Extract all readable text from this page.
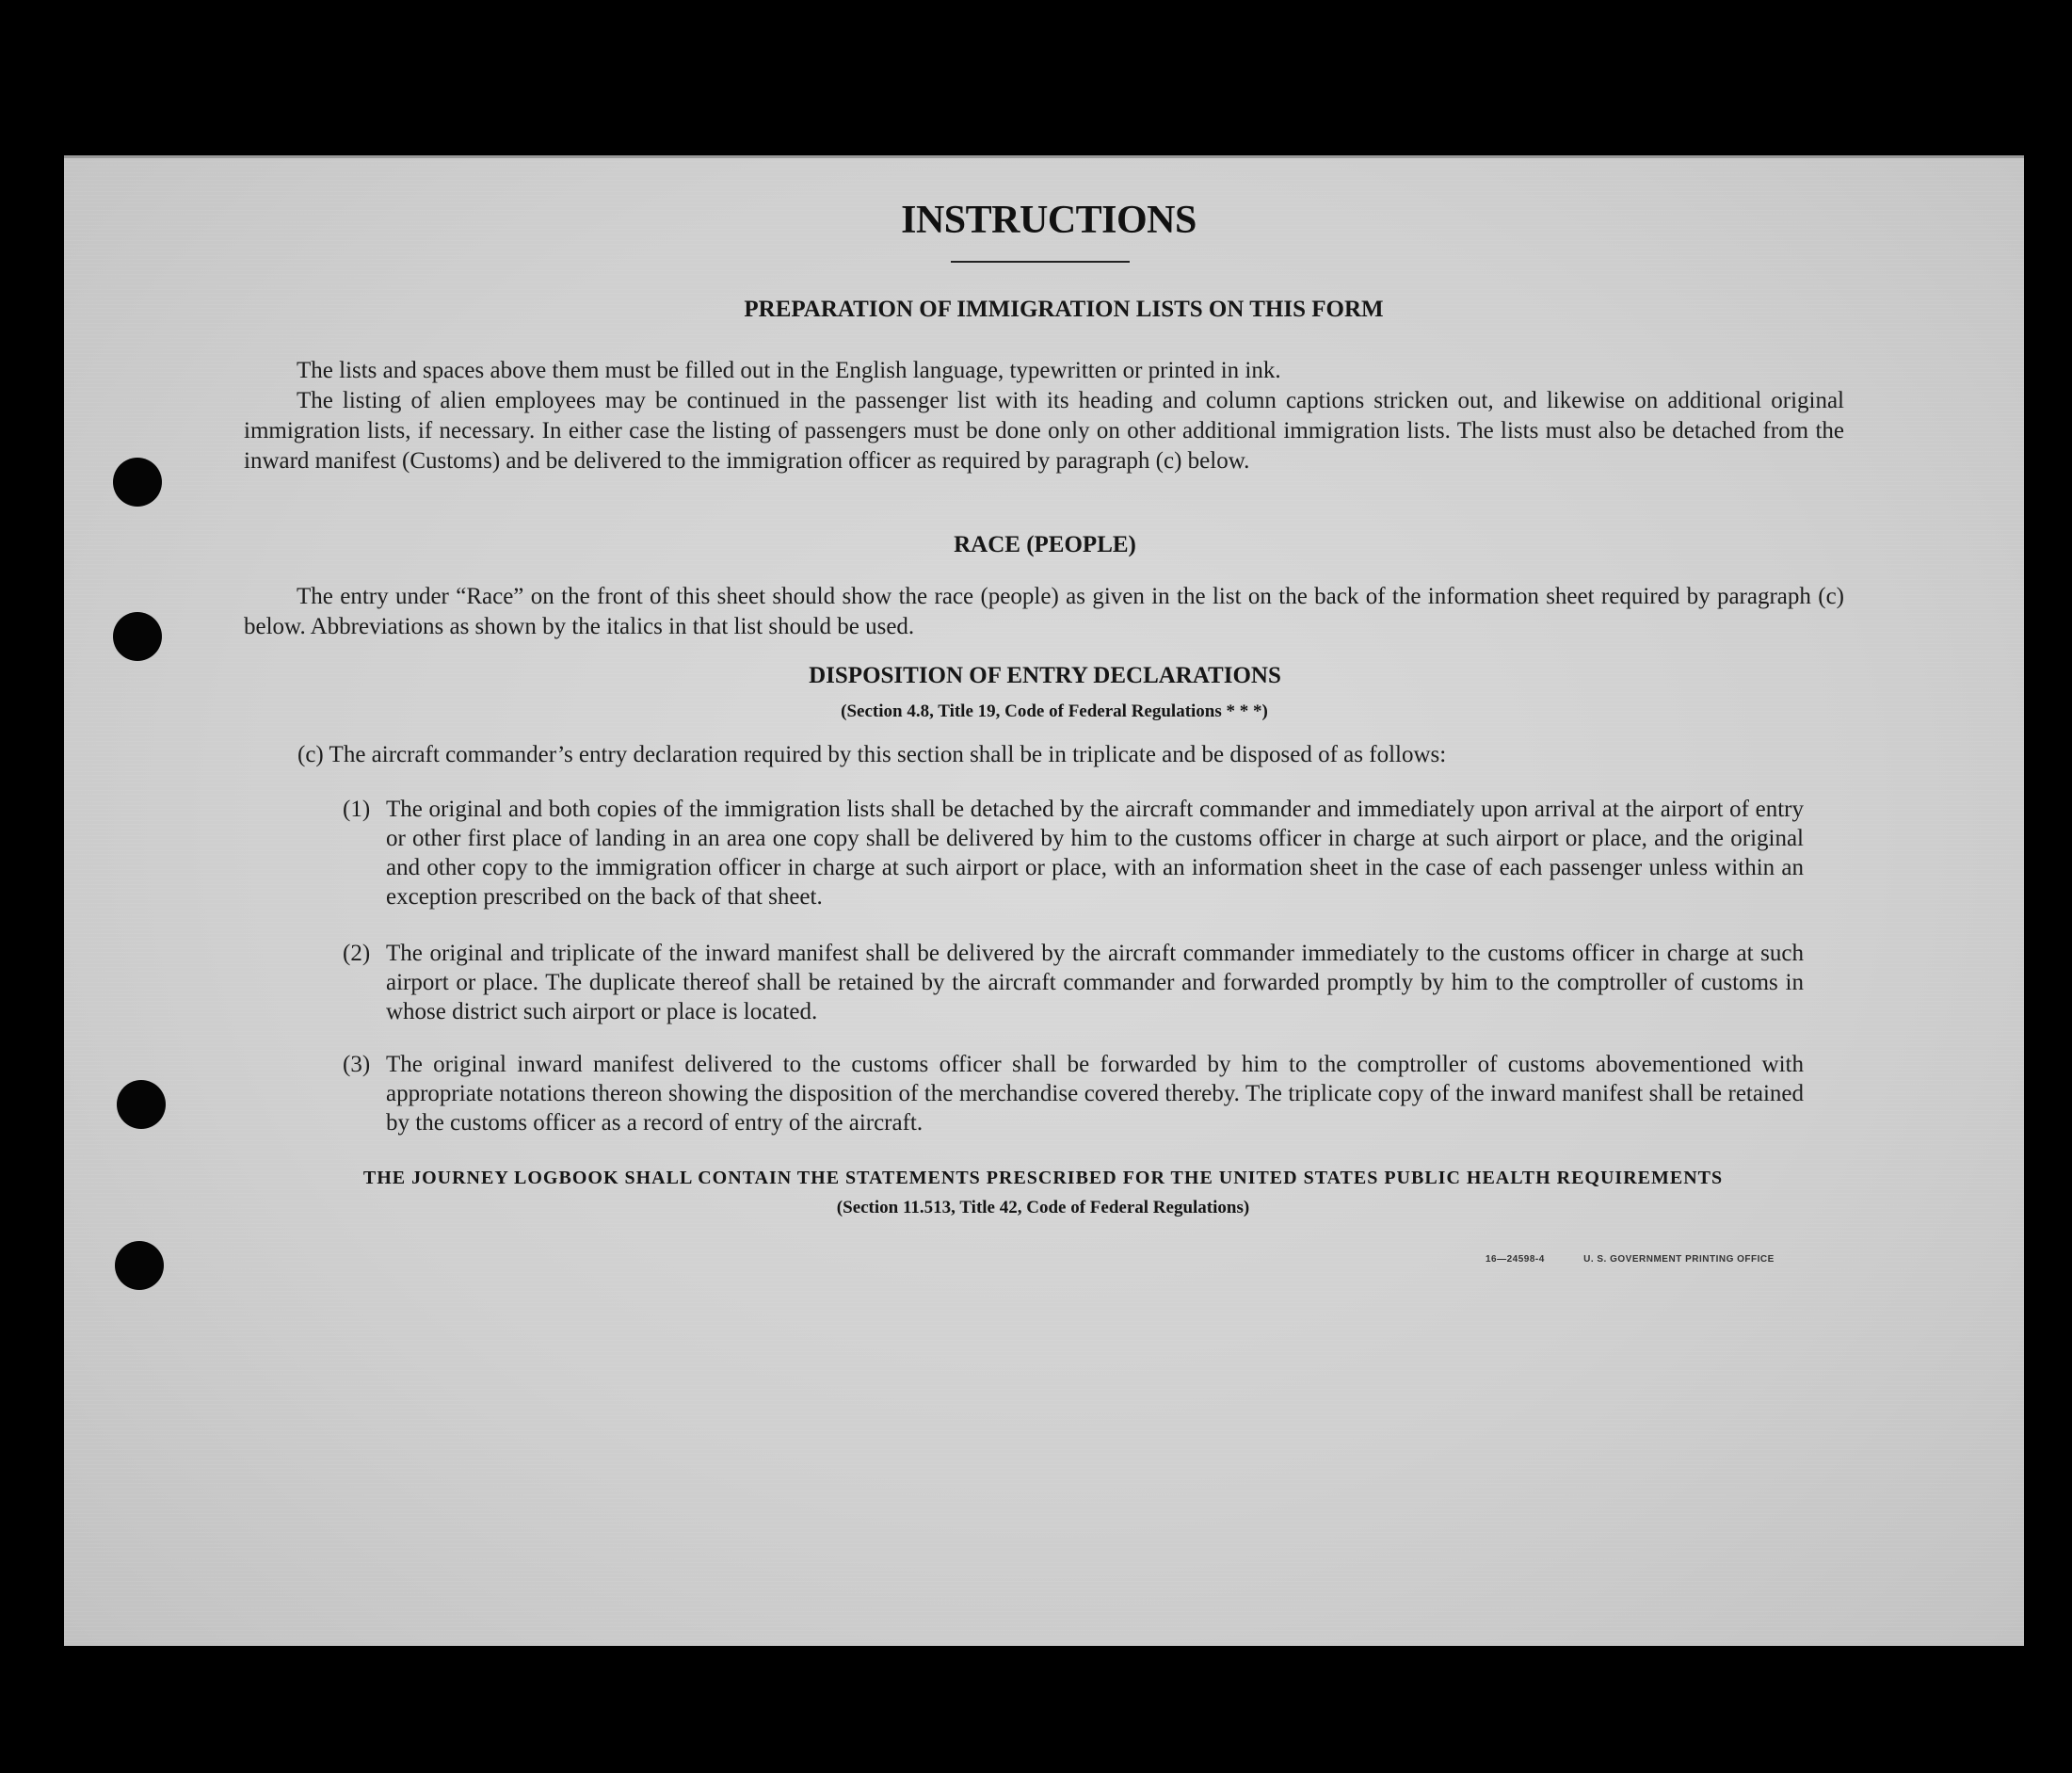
INSTRUCTIONS
PREPARATION OF IMMIGRATION LISTS ON THIS FORM
The lists and spaces above them must be filled out in the English language, typewritten or printed in ink.
The listing of alien employees may be continued in the passenger list with its heading and column captions stricken out, and likewise on additional original immigration lists, if necessary. In either case the listing of passengers must be done only on other additional immigration lists. The lists must also be detached from the inward manifest (Customs) and be delivered to the immigration officer as required by paragraph (c) below.
RACE (PEOPLE)
The entry under “Race” on the front of this sheet should show the race (people) as given in the list on the back of the information sheet required by paragraph (c) below. Abbreviations as shown by the italics in that list should be used.
DISPOSITION OF ENTRY DECLARATIONS
(Section 4.8, Title 19, Code of Federal Regulations * * *)
(c) The aircraft commander’s entry declaration required by this section shall be in triplicate and be disposed of as follows:
(1) The original and both copies of the immigration lists shall be detached by the aircraft commander and immediately upon arrival at the airport of entry or other first place of landing in an area one copy shall be delivered by him to the customs officer in charge at such airport or place, and the original and other copy to the immigration officer in charge at such airport or place, with an information sheet in the case of each passenger unless within an exception prescribed on the back of that sheet.
(2) The original and triplicate of the inward manifest shall be delivered by the aircraft commander immediately to the customs officer in charge at such airport or place. The duplicate thereof shall be retained by the aircraft commander and forwarded promptly by him to the comptroller of customs in whose district such airport or place is located.
(3) The original inward manifest delivered to the customs officer shall be forwarded by him to the comptroller of customs abovementioned with appropriate notations thereon showing the disposition of the merchandise covered thereby. The triplicate copy of the inward manifest shall be retained by the customs officer as a record of entry of the aircraft.
THE JOURNEY LOGBOOK SHALL CONTAIN THE STATEMENTS PRESCRIBED FOR THE UNITED STATES PUBLIC HEALTH REQUIREMENTS
(Section 11.513, Title 42, Code of Federal Regulations)
16—24598-4	U. S. GOVERNMENT PRINTING OFFICE
